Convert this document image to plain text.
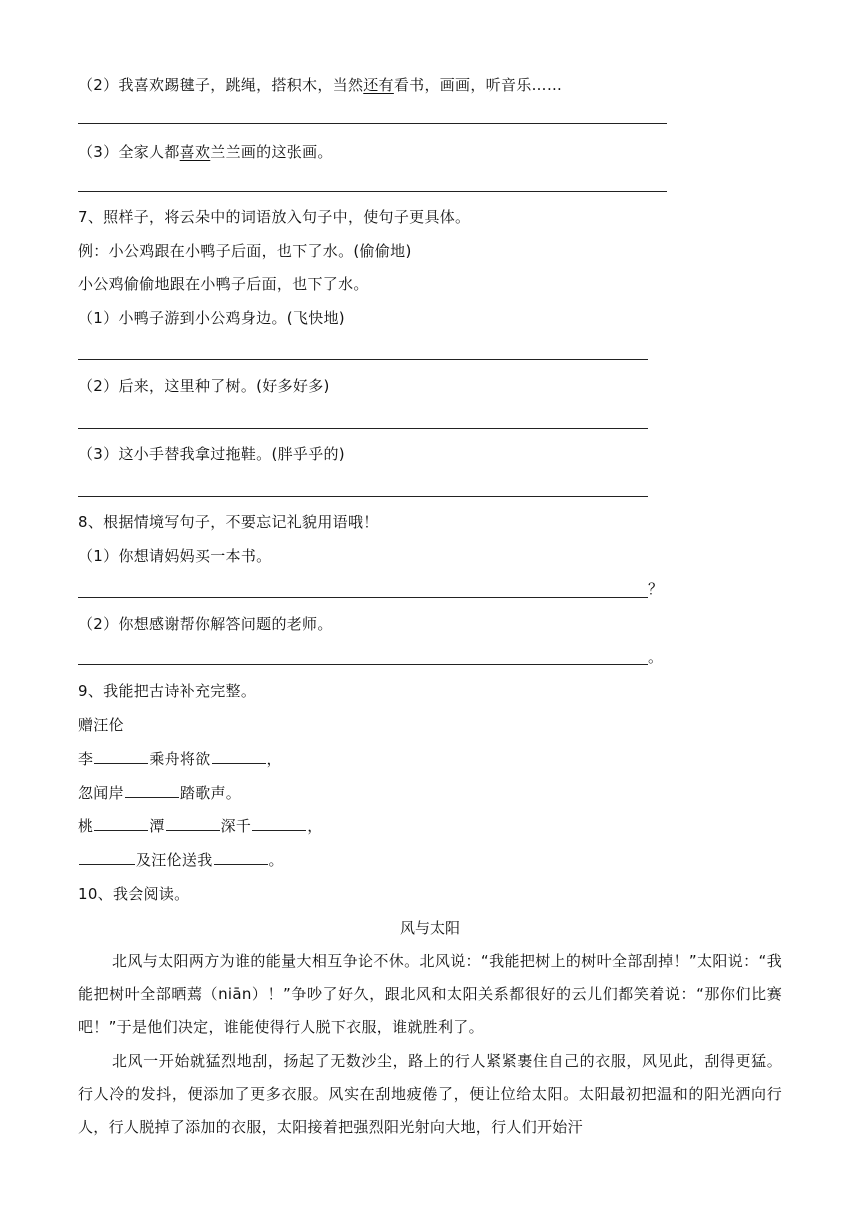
（2）我喜欢踢毽子，跳绳，搭积木，当然还有看书，画画，听音乐……
（3）全家人都喜欢兰兰画的这张画。
7、照样子，将云朵中的词语放入句子中，使句子更具体。
例：小公鸡跟在小鸭子后面，也下了水。(偷偷地)
小公鸡偷偷地跟在小鸭子后面，也下了水。
（1）小鸭子游到小公鸡身边。(飞快地)
（2）后来，这里种了树。(好多好多)
（3）这小手替我拿过拖鞋。(胖乎乎的)
8、根据情境写句子，不要忘记礼貌用语哦！
（1）你想请妈妈买一本书。
？
（2）你想感谢帮你解答问题的老师。
。
9、我能把古诗补充完整。
赠汪伦
李	乘舟将欲	，
忽闻岸	踏歌声。
桃	潭	深千	，
及汪伦送我	。
10、我会阅读。
风与太阳
北风与太阳两方为谁的能量大相互争论不休。北风说：“我能把树上的树叶全部刮掉！”太阳说：“我能把树叶全部晒蔫（niān）！”争吵了好久，跟北风和太阳关系都很好的云儿们都笑着说：“那你们比赛吧！”于是他们决定，谁能使得行人脱下衣服，谁就胜利了。
北风一开始就猛烈地刮，扬起了无数沙尘，路上的行人紧紧裹住自己的衣服，风见此，刮得更猛。行人冷的发抖，便添加了更多衣服。风实在刮地疲倦了，便让位给太阳。太阳最初把温和的阳光洒向行人，行人脱掉了添加的衣服，太阳接着把强烈阳光射向大地，行人们开始汗
